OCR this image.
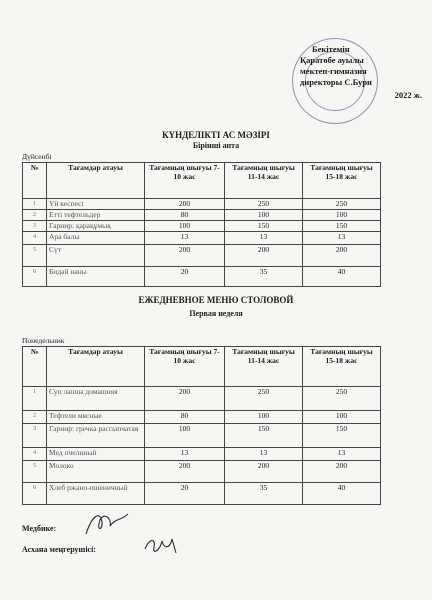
Бекітемін
Қаратөбе ауылы
мектеп-гимназия
директоры С.Бури
2022 ж.
КҮНДЕЛІКТІ АС МӘЗІРІ
Бірінші апта
Дүйсенбі
№	Тағамдар атауы	Тағамның шығуы 7-10 жас	Тағамның шығуы 11-14 жас	Тағамның шығуы 15-18 жас
1	Үй кеспесі	200	250	250
2	Етті тефтельдер	80	100	100
3	Гарнир: қарақұмық	100	150	150
4	Ара балы	13	13	13
5	Сүт	200	200	200
6	Бидай наны	20	35	40
ЕЖЕДНЕВНОЕ МЕНЮ СТОЛОВОЙ
Первая неделя
Понедельник
№	Тағамдар атауы	Тағамның шығуы 7-10 жас	Тағамның шығуы 11-14 жас	Тағамның шығуы 15-18 жас
1	Суп лапша домашняя	200	250	250
2	Тефтели мясные	80	100	100
3	Гарнир: гречка рассыпчатая	100	150	150
4	Мед пчелиный	13	13	13
5	Молоко	200	200	200
6	Хлеб ржано-пшеничный	20	35	40
Медбике:
Асхана меңгерушісі:
